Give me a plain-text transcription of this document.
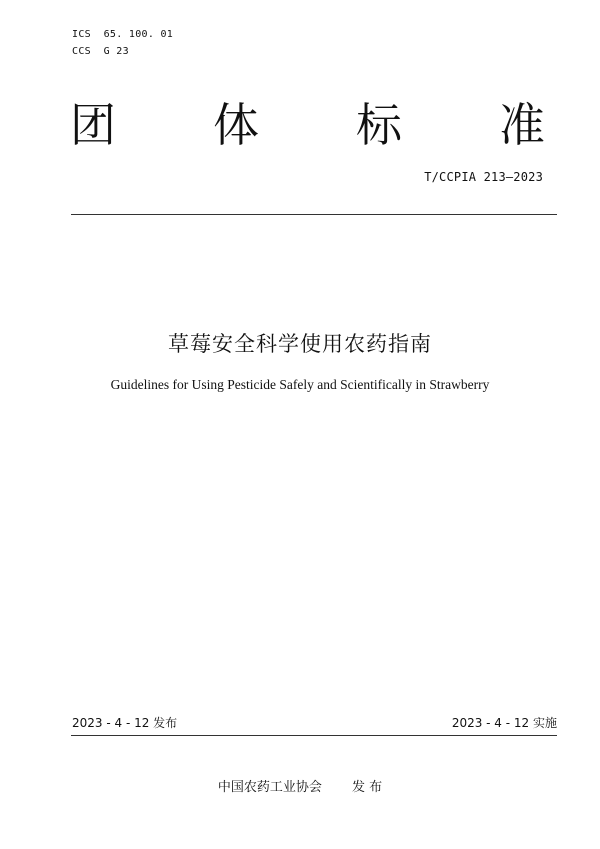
ICS  65. 100. 01
CCS  G 23
团 体 标 准
T/CCPIA 213—2023
草莓安全科学使用农药指南
Guidelines for Using Pesticide Safely and Scientifically in Strawberry
2023 - 4 - 12 发布	2023 - 4 - 12 实施
中国农药工业协会 发 布
